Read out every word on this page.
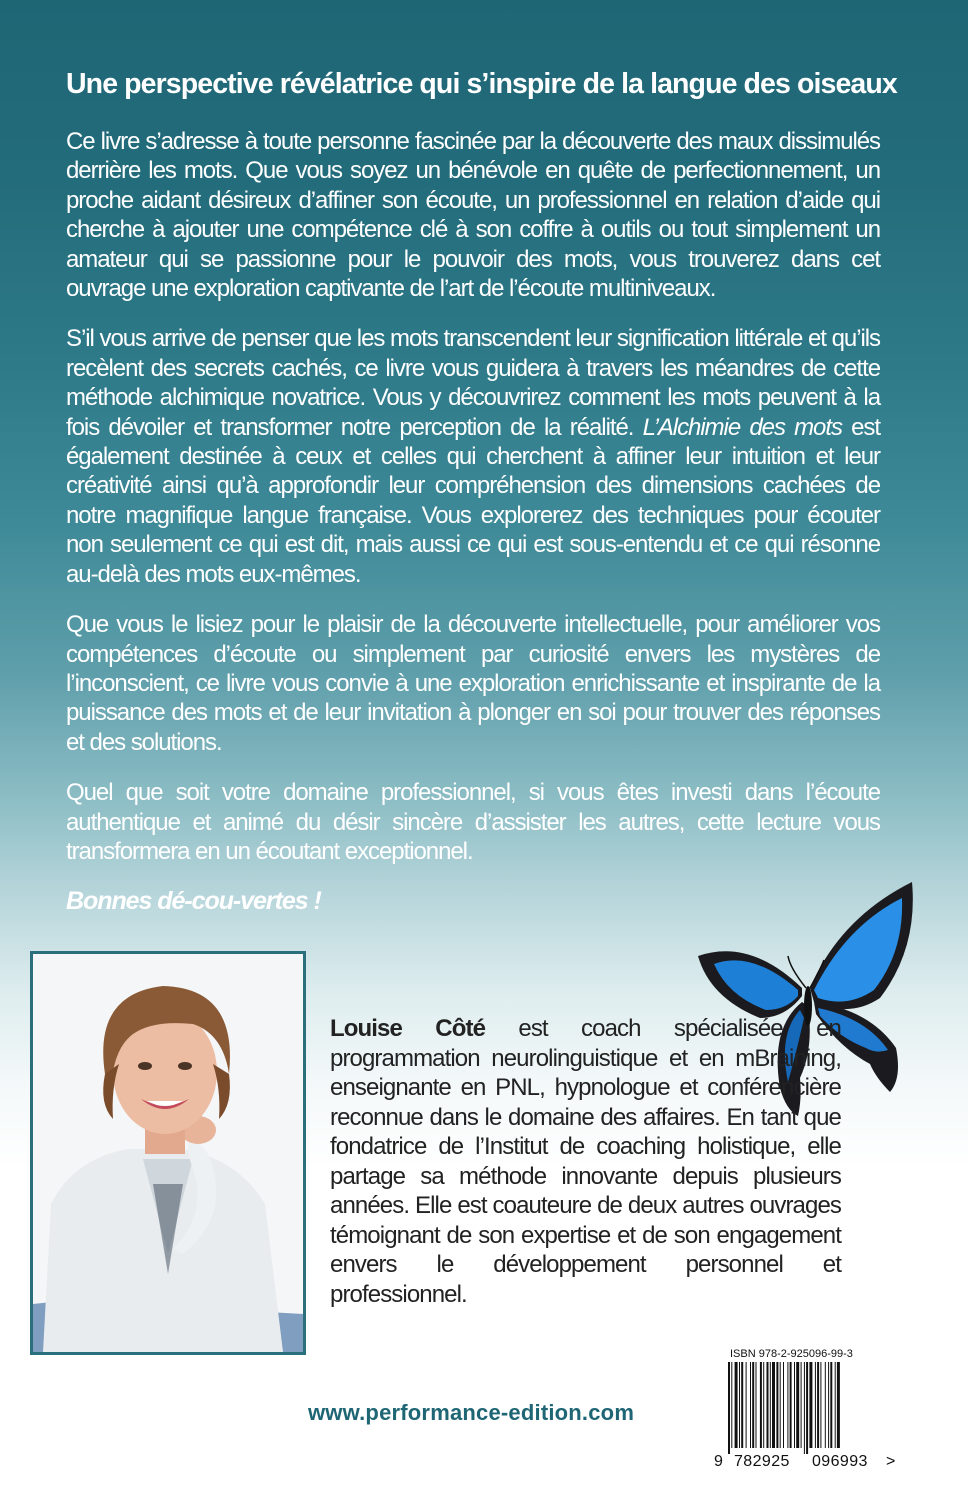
Une perspective révélatrice qui s’inspire de la langue des oiseaux

Ce livre s’adresse à toute personne fascinée par la découverte des maux dissimulés derrière les mots. Que vous soyez un bénévole en quête de perfectionnement, un proche aidant désireux d’affiner son écoute, un professionnel en relation d’aide qui cherche à ajouter une compétence clé à son coffre à outils ou tout simplement un amateur qui se passionne pour le pouvoir des mots, vous trouverez dans cet ouvrage une exploration captivante de l’art de l’écoute multiniveaux.

S’il vous arrive de penser que les mots transcendent leur signification littérale et qu’ils recèlent des secrets cachés, ce livre vous guidera à travers les méandres de cette méthode alchimique novatrice. Vous y découvrirez comment les mots peuvent à la fois dévoiler et transformer notre perception de la réalité. L’Alchimie des mots est également destinée à ceux et celles qui cherchent à affiner leur intuition et leur créativité ainsi qu’à approfondir leur compréhension des dimensions cachées de notre magnifique langue française. Vous explorerez des techniques pour écouter non seulement ce qui est dit, mais aussi ce qui est sous-entendu et ce qui résonne au-delà des mots eux-mêmes.

Que vous le lisiez pour le plaisir de la découverte intellectuelle, pour améliorer vos compétences d’écoute ou simplement par curiosité envers les mystères de l’inconscient, ce livre vous convie à une exploration enrichissante et inspirante de la puissance des mots et de leur invitation à plonger en soi pour trouver des réponses et des solutions.

Quel que soit votre domaine professionnel, si vous êtes investi dans l’écoute authentique et animé du désir sincère d’assister les autres, cette lecture vous transformera en un écoutant exceptionnel.

Bonnes dé-cou-vertes !

Louise Côté est coach spécialisée en programmation neurolinguistique et en mBraining, enseignante en PNL, hypnologue et conférencière reconnue dans le domaine des affaires. En tant que fondatrice de l’Institut de coaching holistique, elle partage sa méthode innovante depuis plusieurs années. Elle est coauteure de deux autres ouvrages témoignant de son expertise et de son engagement envers le développement personnel et professionnel.
www.performance-edition.com
ISBN 978-2-925096-99-3
9 782925 096993 >
